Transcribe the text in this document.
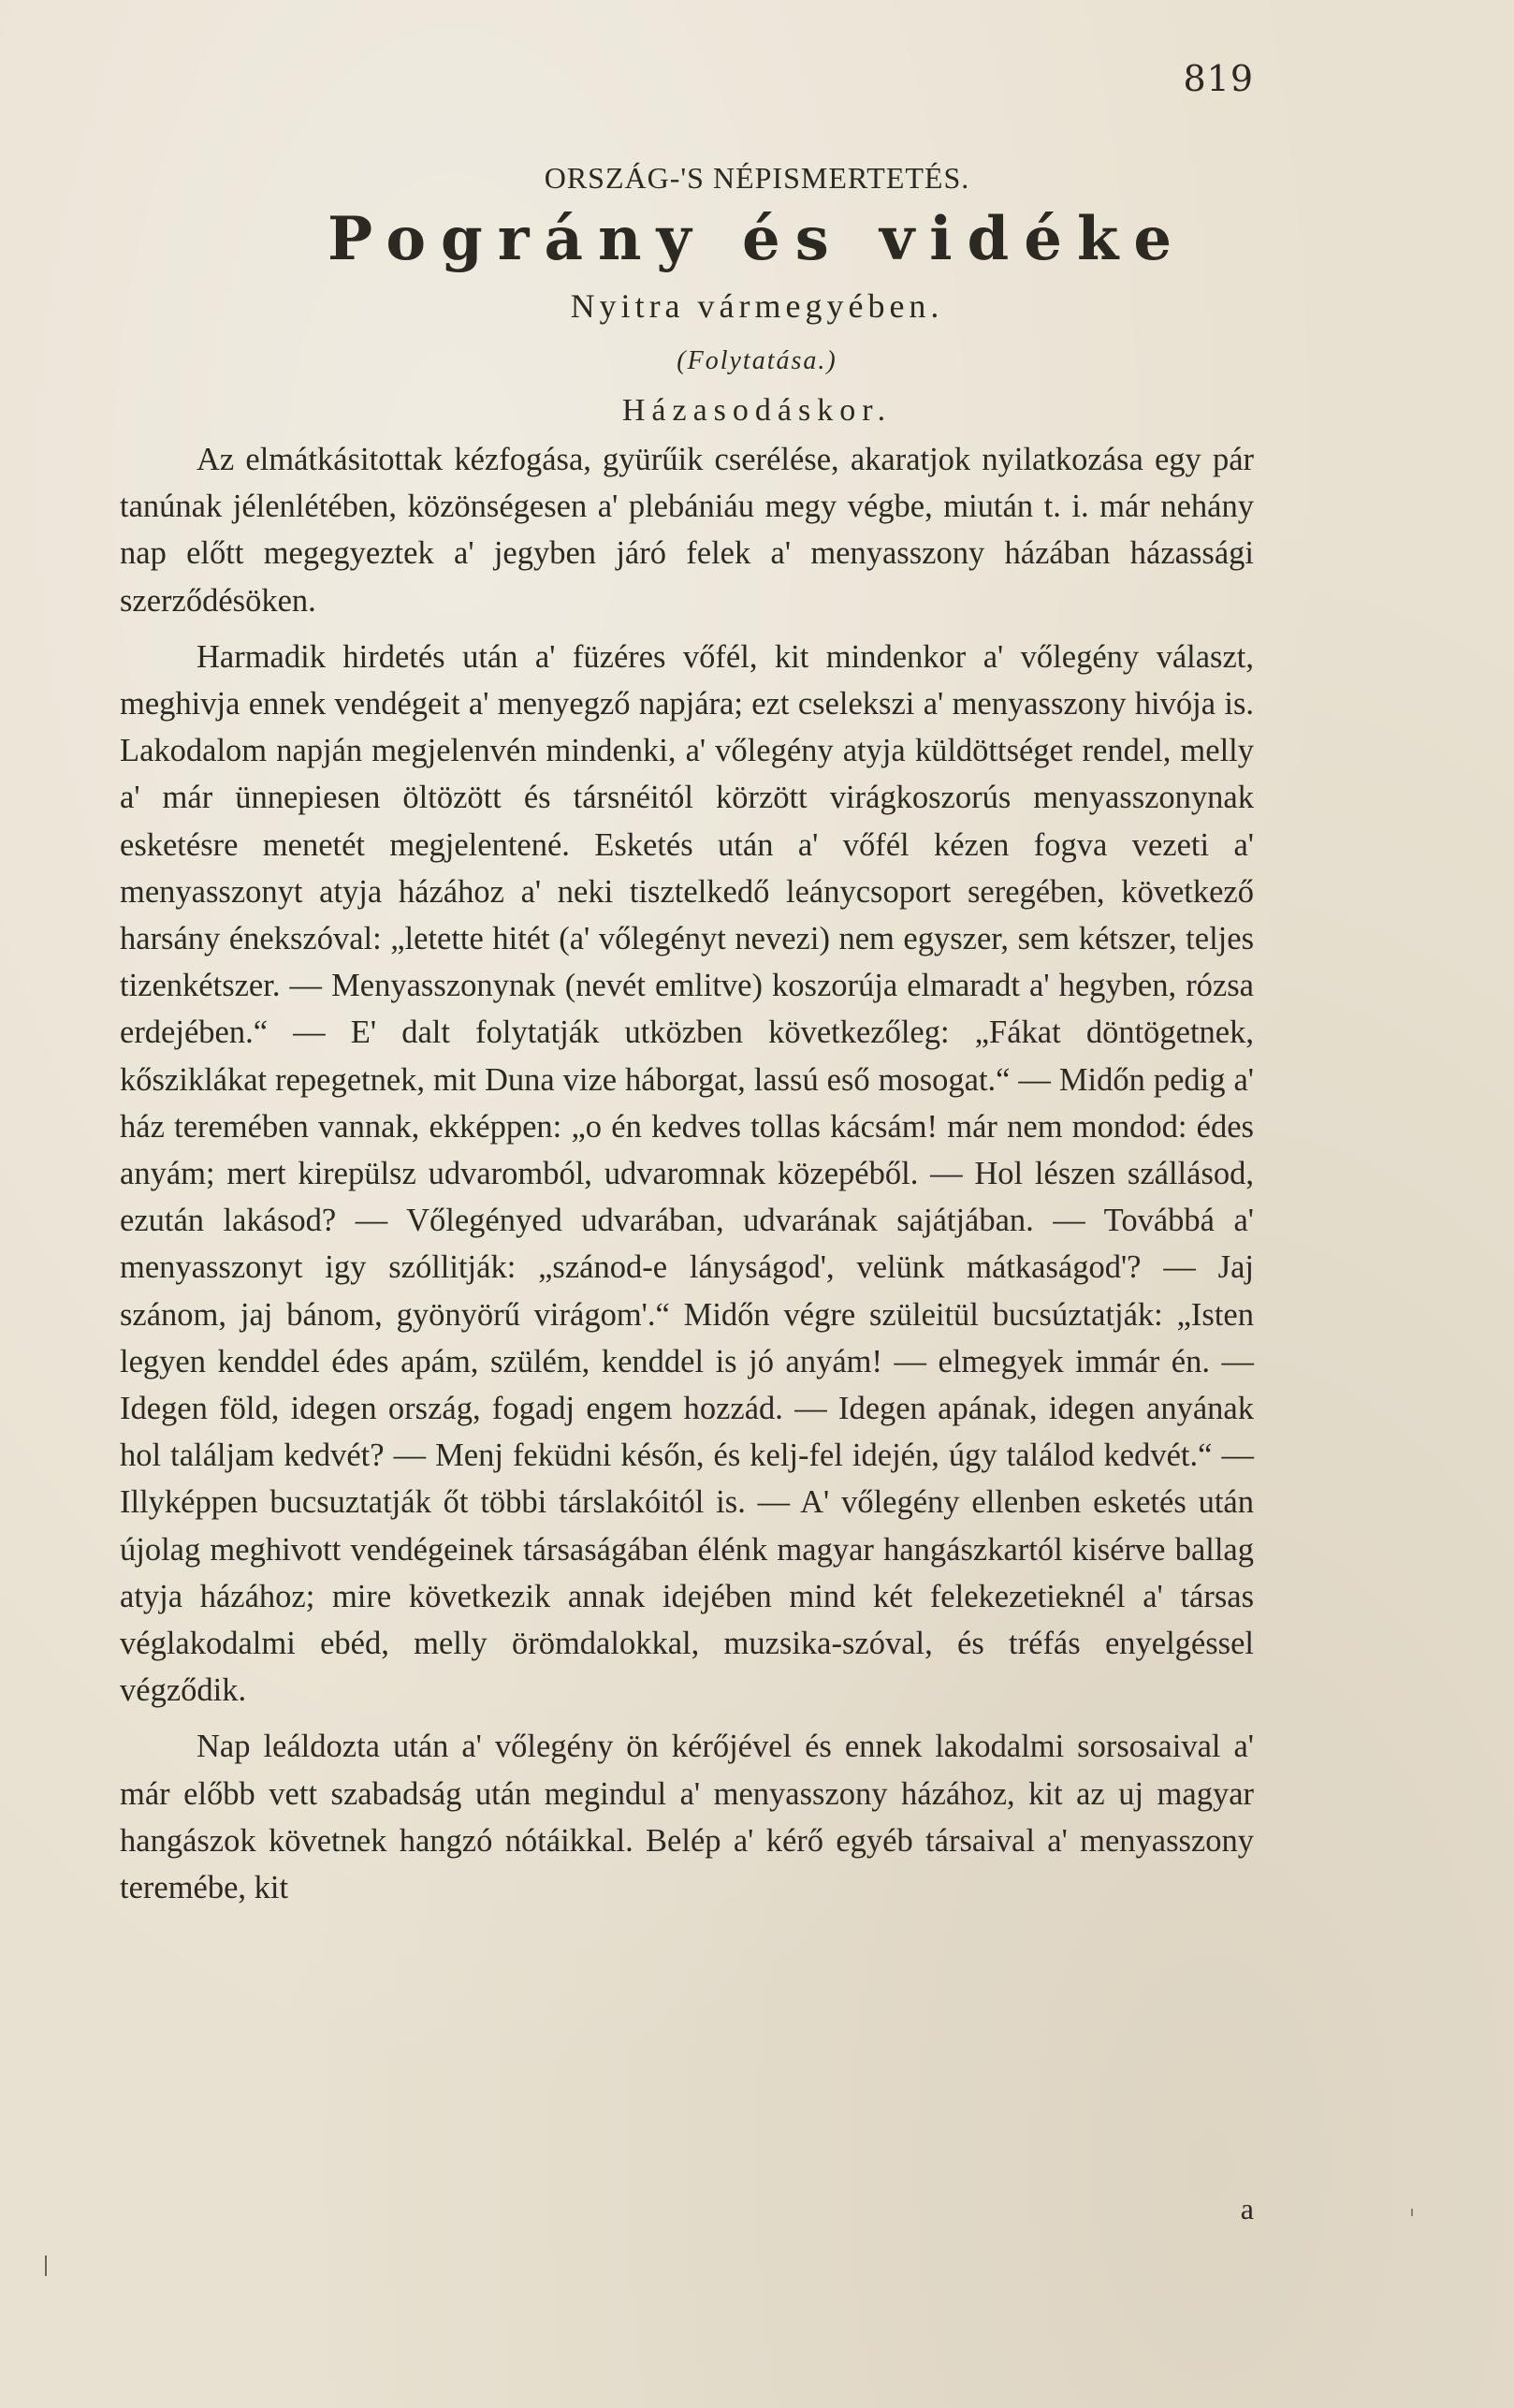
819
ORSZÁG-'S NÉPISMERTETÉS.
Pográny és vidéke
Nyitra vármegyében.
(Folytatása.)
Házasodáskor.

Az elmátkásitottak kézfogása, gyürűik cserélése, akaratjok nyilatkozása egy pár tanúnak jélenlétében, közönségesen a' plebániáu megy végbe, miután t. i. már nehány nap előtt megegyeztek a' jegyben járó felek a' menyasszony házában házassági szerződésöken.

Harmadik hirdetés után a' füzéres vőfél, kit mindenkor a' vőlegény választ, meghivja ennek vendégeit a' menyegző napjára; ezt cselekszi a' menyasszony hivója is. Lakodalom napján megjelenvén mindenki, a' vőlegény atyja küldöttséget rendel, melly a' már ünnepiesen öltözött és társnéitól körzött virágkoszorús menyasszonynak esketésre menetét megjelentené. Esketés után a' vőfél kézen fogva vezeti a' menyasszonyt atyja házához a' neki tisztelkedő leánycsoport seregében, következő harsány énekszóval: „letette hitét (a' vőlegényt nevezi) nem egyszer, sem kétszer, teljes tizenkétszer. — Menyasszonynak (nevét emlitve) koszorúja elmaradt a' hegyben, rózsa erdejében.“ — E' dalt folytatják utközben következőleg: „Fákat döntögetnek, kősziklákat repegetnek, mit Duna vize háborgat, lassú eső mosogat.“ — Midőn pedig a' ház teremében vannak, ekképpen: „o én kedves tollas kácsám! már nem mondod: édes anyám; mert kirepülsz udvaromból, udvaromnak közepéből. — Hol lészen szállásod, ezután lakásod? — Vőlegényed udvarában, udvarának sajátjában. — Továbbá a' menyasszonyt igy szóllitják: „szánod-e lányságod', velünk mátkaságod'? — Jaj szánom, jaj bánom, gyönyörű virágom'.“ Midőn végre szüleitül bucsúztatják: „Isten legyen kenddel édes apám, szülém, kenddel is jó anyám! — elmegyek immár én. — Idegen föld, idegen ország, fogadj engem hozzád. — Idegen apának, idegen anyának hol találjam kedvét? — Menj feküdni későn, és kelj-fel idején, úgy találod kedvét.“ — Illyképpen bucsuztatják őt többi társlakóitól is. — A' vőlegény ellenben esketés után újolag meghivott vendégeinek társaságában élénk magyar hangászkartól kisérve ballag atyja házához; mire következik annak idejében mind két felekezetieknél a' társas véglakodalmi ebéd, melly örömdalokkal, muzsika-szóval, és tréfás enyelgéssel végződik.

Nap leáldozta után a' vőlegény ön kérőjével és ennek lakodalmi sorsosaival a' már előbb vett szabadság után megindul a' menyasszony házához, kit az uj magyar hangászok követnek hangzó nótáikkal. Belép a' kérő egyéb társaival a' menyasszony teremébe, kit

a
